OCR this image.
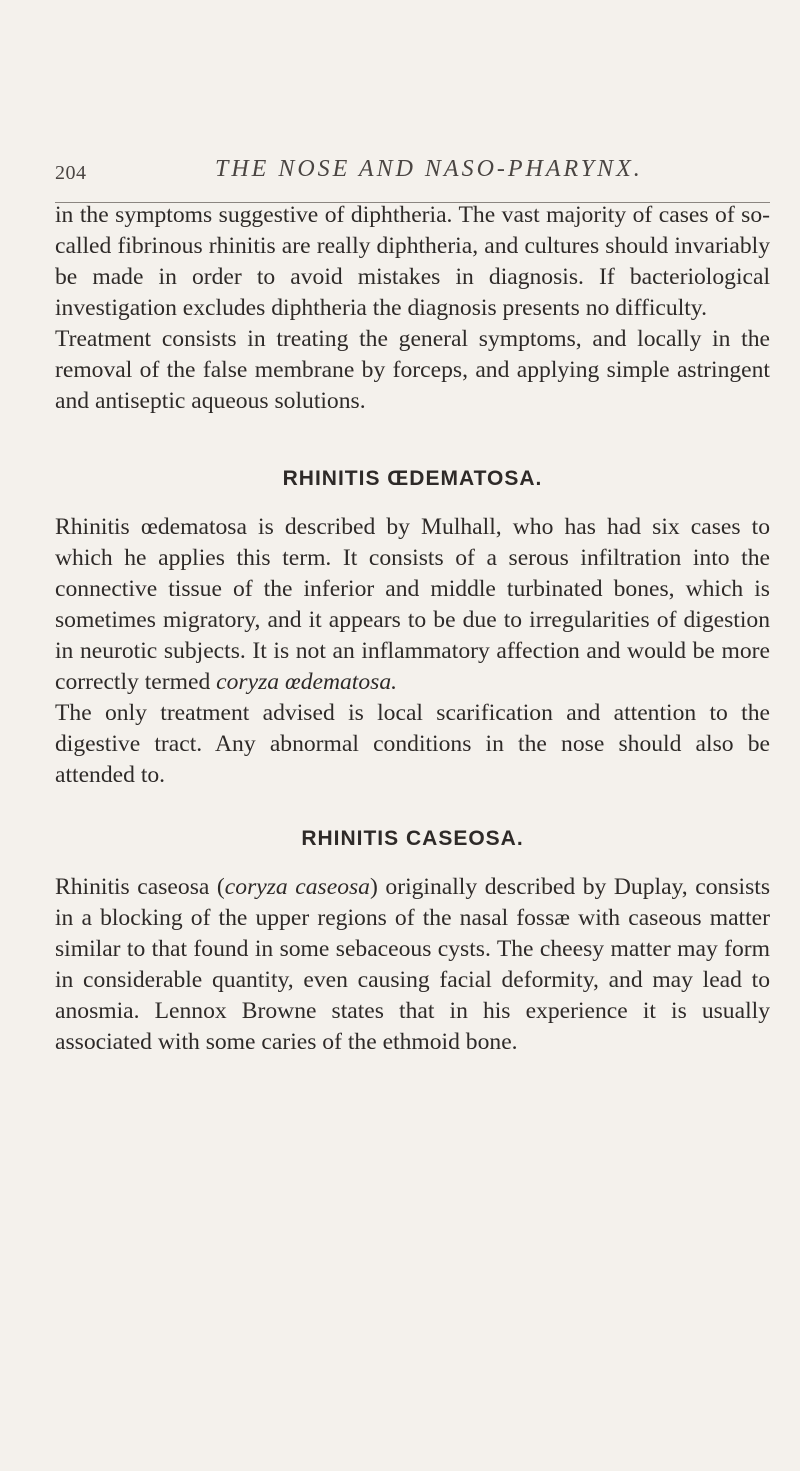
204	THE NOSE AND NASO-PHARYNX.

in the symptoms suggestive of diphtheria. The vast majority of cases of so-called fibrinous rhinitis are really diphtheria, and cultures should invariably be made in order to avoid mistakes in diagnosis. If bacteriological investigation excludes diphtheria the diagnosis presents no difficulty.

Treatment consists in treating the general symptoms, and locally in the removal of the false membrane by forceps, and applying simple astringent and antiseptic aqueous solutions.

RHINITIS ŒDEMATOSA.

Rhinitis œdematosa is described by Mulhall, who has had six cases to which he applies this term. It consists of a serous infiltration into the connective tissue of the inferior and middle turbinated bones, which is sometimes migratory, and it appears to be due to irregularities of digestion in neurotic subjects. It is not an inflammatory affection and would be more correctly termed coryza œdematosa.

The only treatment advised is local scarification and attention to the digestive tract. Any abnormal conditions in the nose should also be attended to.

RHINITIS CASEOSA.

Rhinitis caseosa (coryza caseosa) originally described by Duplay, consists in a blocking of the upper regions of the nasal fossæ with caseous matter similar to that found in some sebaceous cysts. The cheesy matter may form in considerable quantity, even causing facial deformity, and may lead to anosmia. Lennox Browne states that in his experience it is usually associated with some caries of the ethmoid bone.
